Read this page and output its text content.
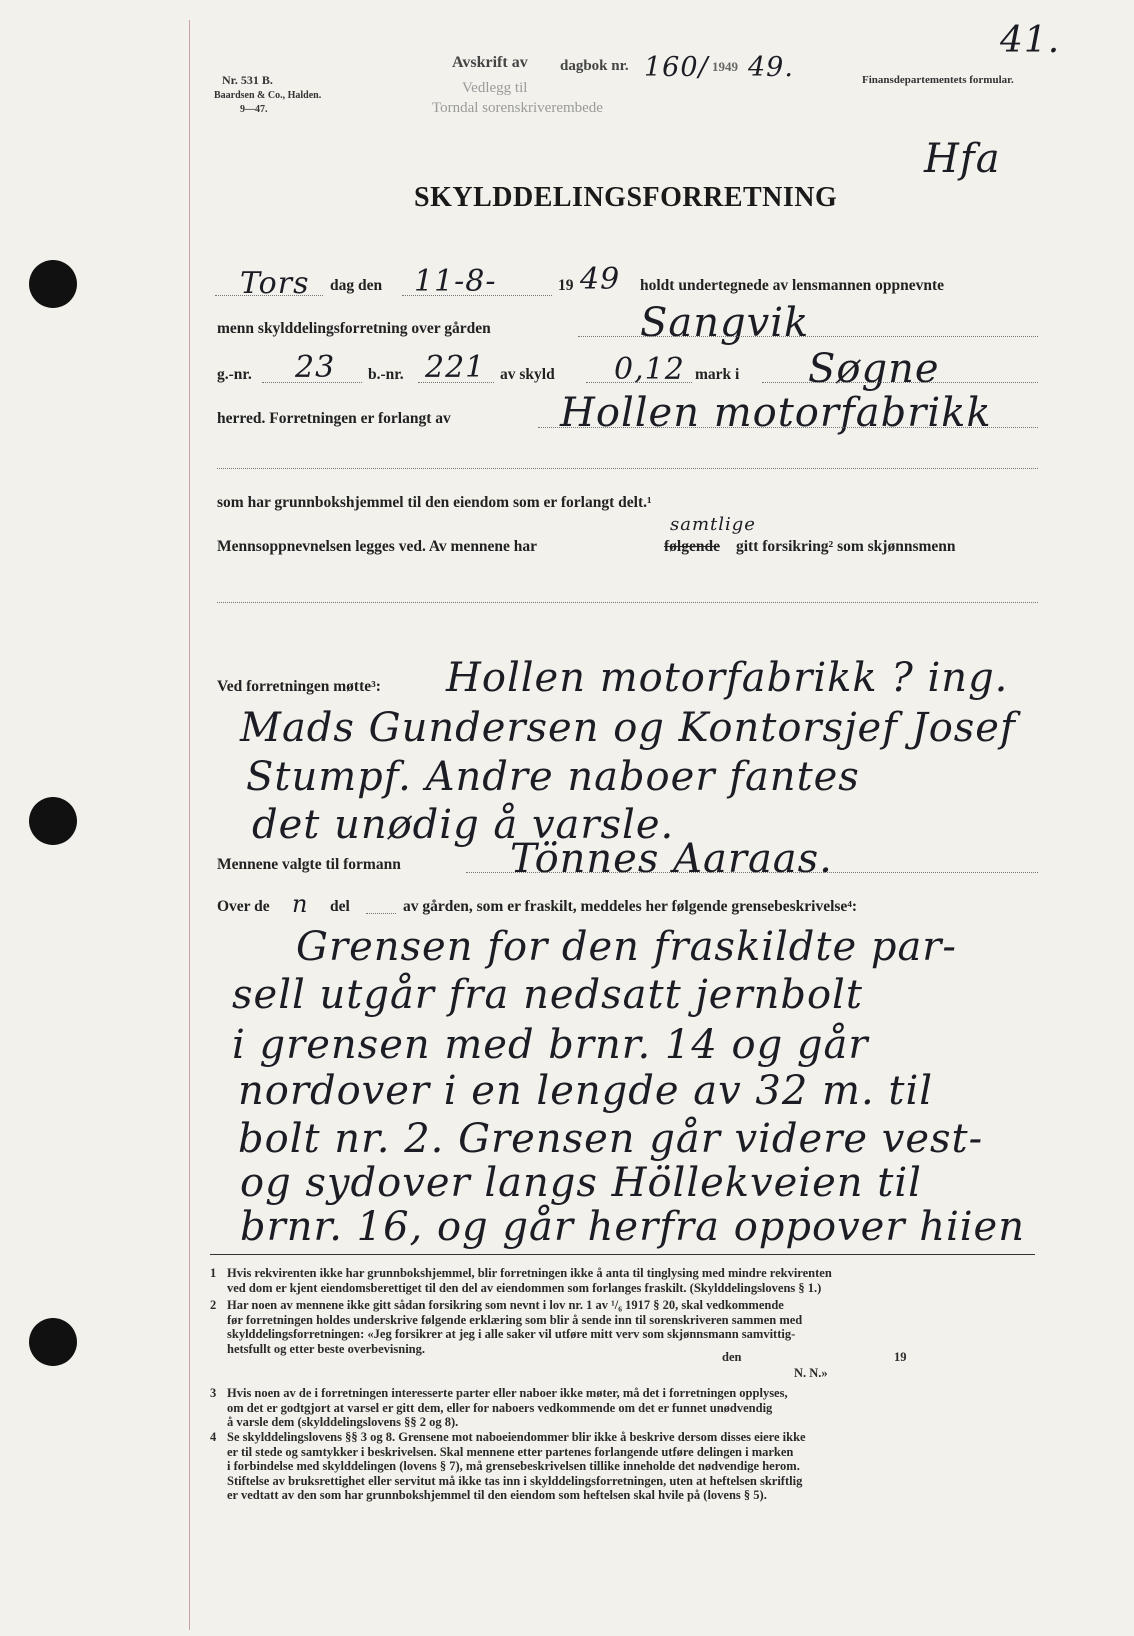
Nr. 531 B.
Baardsen & Co., Halden.
9—47.
Avskrift av dagbok nr. 160/ 1949 49.
Vedlegg til
Torndal sorenskriverembede
41.
Finansdepartementets formular.
Hfa
SKYLDDELINGSFORRETNING
Tors dag den 11-8-	19 49 holdt undertegnede av lensmannen oppnevnte
menn skylddelingsforretning over gården	Sangvik
g.-nr. 23 b.-nr. 221 av skyld 0,12 mark i Søgne
herred. Forretningen er forlangt av	Hollen motorfabrikk
som har grunnbokshjemmel til den eiendom som er forlangt delt.¹
Mennsoppnevnelsen legges ved. Av mennene har	følgende
samtlige
gitt forsikring² som skjønnsmenn
Ved forretningen møtte³: Hollen motorfabrikk ? ing.
Mads Gundersen og Kontorsjef Josef
Stumpf. Andre naboer fantes
det unødig å varsle.
Mennene valgte til formann	Tönnes Aaraas.
Over de n del	av gården, som er fraskilt, meddeles her følgende grensebeskrivelse⁴:
Grensen for den fraskildte par-
sell utgår fra nedsatt jernbolt
i grensen med brnr. 14 og går
nordover i en lengde av 32 m. til
bolt nr. 2. Grensen går videre vest-
og sydover langs Höllekveien til
brnr. 16, og går herfra oppover hiien
1 Hvis rekvirenten ikke har grunnbokshjemmel, blir forretningen ikke å anta til tinglysing med mindre rekvirenten
ved dom er kjent eiendomsberettiget til den del av eiendommen som forlanges fraskilt. (Skylddelingslovens § 1.)
2 Har noen av mennene ikke gitt sådan forsikring som nevnt i lov nr. 1 av ¹/₆ 1917 § 20, skal vedkommende
før forretningen holdes underskrive følgende erklæring som blir å sende inn til sorenskriveren sammen med
skylddelingsforretningen: «Jeg forsikrer at jeg i alle saker vil utføre mitt verv som skjønnsmann samvittig-
hetsfullt og etter beste overbevisning.
den	19
N. N.»
3 Hvis noen av de i forretningen interesserte parter eller naboer ikke møter, må det i forretningen opplyses,
om det er godtgjort at varsel er gitt dem, eller for naboers vedkommende om det er funnet unødvendig
å varsle dem (skylddelingslovens §§ 2 og 8).
4 Se skylddelingslovens §§ 3 og 8. Grensene mot naboeiendommer blir ikke å beskrive dersom disses eiere ikke
er til stede og samtykker i beskrivelsen. Skal mennene etter partenes forlangende utføre delingen i marken
i forbindelse med skylddelingen (lovens § 7), må grensebeskrivelsen tillike inneholde det nødvendige herom.
Stiftelse av bruksrettighet eller servitut må ikke tas inn i skylddelingsforretningen, uten at heftelsen skriftlig
er vedtatt av den som har grunnbokshjemmel til den eiendom som heftelsen skal hvile på (lovens § 5).
